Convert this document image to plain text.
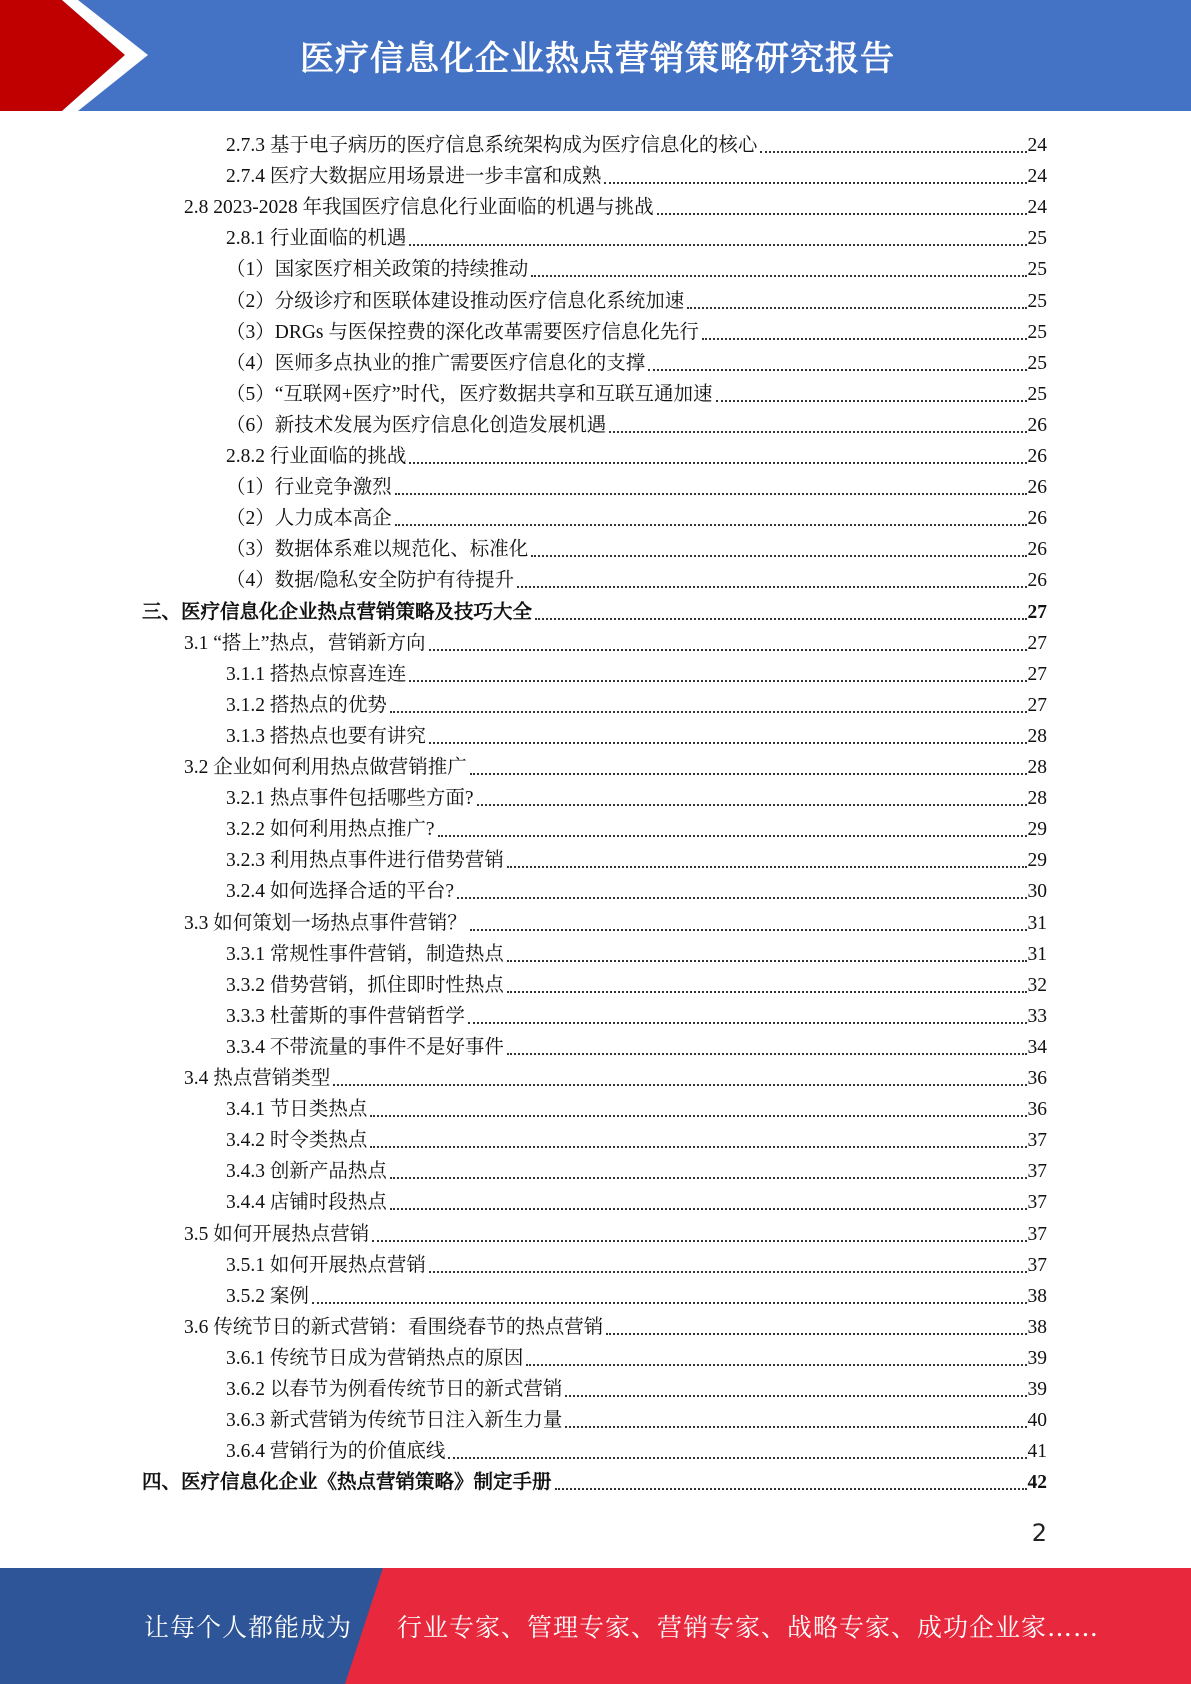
医疗信息化企业热点营销策略研究报告
2.7.3 基于电子病历的医疗信息系统架构成为医疗信息化的核心	24
2.7.4 医疗大数据应用场景进一步丰富和成熟	24
2.8 2023-2028 年我国医疗信息化行业面临的机遇与挑战	24
2.8.1 行业面临的机遇	25
（1）国家医疗相关政策的持续推动	25
（2）分级诊疗和医联体建设推动医疗信息化系统加速	25
（3）DRGs 与医保控费的深化改革需要医疗信息化先行	25
（4）医师多点执业的推广需要医疗信息化的支撑	25
（5）“互联网+医疗”时代，医疗数据共享和互联互通加速	25
（6）新技术发展为医疗信息化创造发展机遇	26
2.8.2 行业面临的挑战	26
（1）行业竞争激烈	26
（2）人力成本高企	26
（3）数据体系难以规范化、标准化	26
（4）数据/隐私安全防护有待提升	26
三、医疗信息化企业热点营销策略及技巧大全	27
3.1 “搭上”热点，营销新方向	27
3.1.1 搭热点惊喜连连	27
3.1.2 搭热点的优势	27
3.1.3 搭热点也要有讲究	28
3.2 企业如何利用热点做营销推广	28
3.2.1 热点事件包括哪些方面?	28
3.2.2 如何利用热点推广?	29
3.2.3 利用热点事件进行借势营销	29
3.2.4 如何选择合适的平台?	30
3.3 如何策划一场热点事件营销？	31
3.3.1 常规性事件营销，制造热点	31
3.3.2 借势营销，抓住即时性热点	32
3.3.3 杜蕾斯的事件营销哲学	33
3.3.4 不带流量的事件不是好事件	34
3.4 热点营销类型	36
3.4.1 节日类热点	36
3.4.2 时令类热点	37
3.4.3 创新产品热点	37
3.4.4 店铺时段热点	37
3.5 如何开展热点营销	37
3.5.1 如何开展热点营销	37
3.5.2 案例	38
3.6 传统节日的新式营销：看围绕春节的热点营销	38
3.6.1 传统节日成为营销热点的原因	39
3.6.2 以春节为例看传统节日的新式营销	39
3.6.3 新式营销为传统节日注入新生力量	40
3.6.4 营销行为的价值底线	41
四、医疗信息化企业《热点营销策略》制定手册	42
2
让每个人都能成为 行业专家、管理专家、营销专家、战略专家、成功企业家……
